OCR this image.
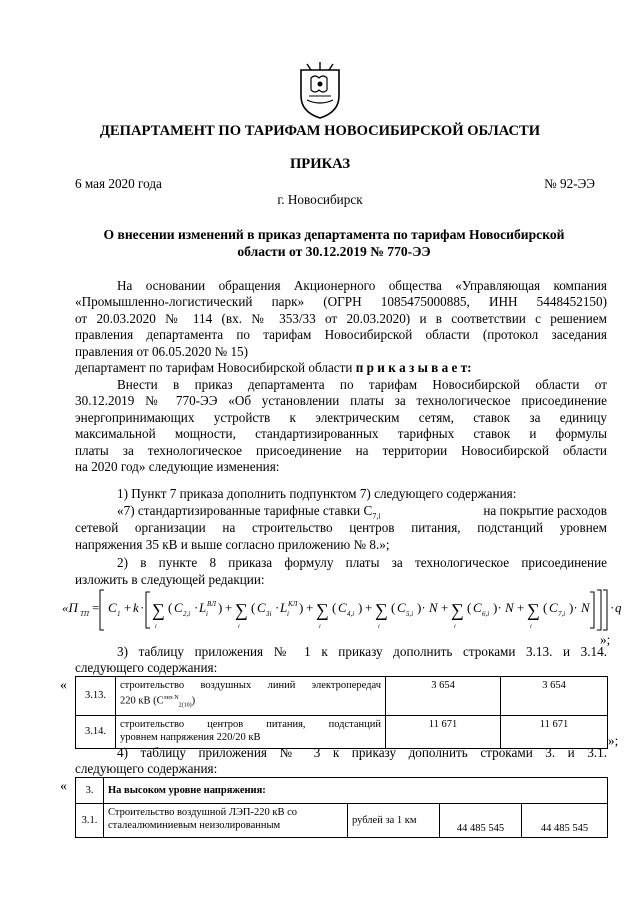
ДЕПАРТАМЕНТ ПО ТАРИФАМ НОВОСИБИРСКОЙ ОБЛАСТИ
ПРИКАЗ
6 мая 2020 года	№ 92-ЭЭ
г. Новосибирск
О внесении изменений в приказ департамента по тарифам Новосибирской
области от 30.12.2019 № 770-ЭЭ
На основании обращения Акционерного общества «Управляющая компания
«Промышленно-логистический парк» (ОГРН 1085475000885, ИНН 5448452150)
от 20.03.2020 № 114 (вх. № 353/33 от 20.03.2020) и в соответствии с решением
правления департамента по тарифам Новосибирской области (протокол заседания
правления от 06.05.2020 № 15)
департамент по тарифам Новосибирской области п р и к а з ы в а е т:
Внести в приказ департамента по тарифам Новосибирской области от
30.12.2019 № 770-ЭЭ «Об установлении платы за технологическое присоединение
энергопринимающих устройств к электрическим сетям, ставок за единицу
максимальной мощности, стандартизированных тарифных ставок и формулы
платы за технологическое присоединение на территории Новосибирской области
на 2020 год» следующие изменения:
1) Пункт 7 приказа дополнить подпунктом 7) следующего содержания:
«7) стандартизированные тарифные ставки $С_{7,i}$	на покрытие расходов
сетевой организации на строительство центров питания, подстанций уровнем
напряжения 35 кВ и выше согласно приложению № 8.»;
2) в пункте 8 приказа формулу платы за технологическое присоединение
изложить в следующей редакции:
«П ТП = С 1 + k · ∑
i
( C 2,i · L i
ВЛ ) + ∑
i
( C 3i · L i
КЛ ) + ∑
i
( C 4,i ) + ∑
i
( C 5,i )· N + ∑
i
( C 6,i )· N + ∑
i
( C 7,i )· N · q
»;
3) таблицу приложения № 1 к приказу дополнить строками 3.13. и 3.14.
следующего содержания:
«
3.13.	строительство воздушных линий электропередач
220 кВ $(C^{лнх N}_{2(10)})$	3 654	3 654
3.14.	строительство центров питания, подстанций
уровнем напряжения 220/20 кВ	11 671	11 671
»;
4) таблицу приложения № 3 к приказу дополнить строками 3. и 3.1.
следующего содержания:
« 3.	На высоком уровне напряжения:			
3.1.	Строительство воздушной ЛЭП-220 кВ со
сталеалюминиевым неизолированным	рублей за 1 км	44 485 545	44 485 545
